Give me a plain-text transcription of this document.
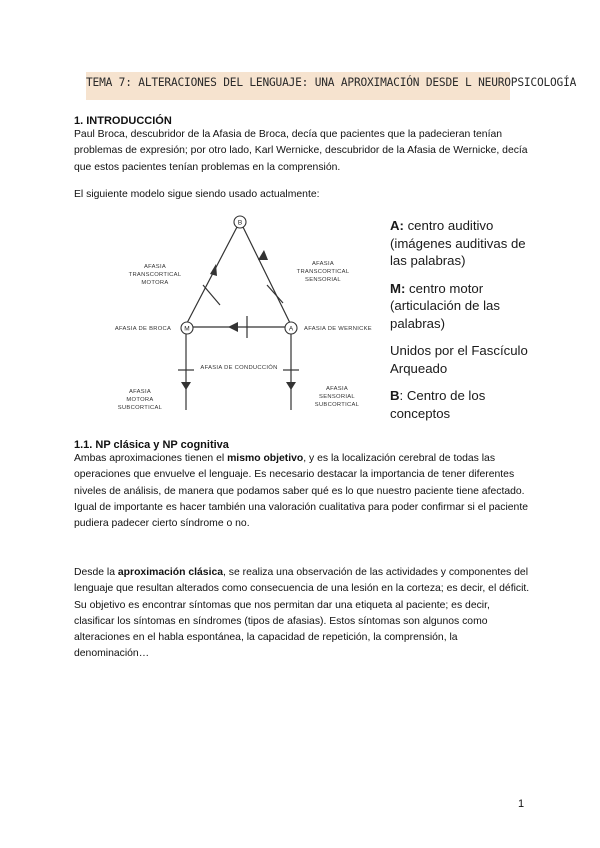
TEMA 7: ALTERACIONES DEL LENGUAJE: UNA APROXIMACIÓN DESDE L NEUROPSICOLOGÍA
1. INTRODUCCIÓN

Paul Broca, descubridor de la Afasia de Broca, decía que pacientes que la padecieran tenían problemas de expresión; por otro lado, Karl Wernicke, descubridor de la Afasia de Wernicke, decía que estos pacientes tenían problemas en la comprensión.

El siguiente modelo sigue siendo usado actualmente:

B
M	A
AFASIA
TRANSCORTICAL
MOTORA
AFASIA
TRANSCORTICAL
SENSORIAL
AFASIA DE BROCA	AFASIA DE WERNICKE
AFASIA DE CONDUCCIÓN
AFASIA
MOTORA
SUBCORTICAL
AFASIA
SENSORIAL
SUBCORTICAL
A: centro auditivo (imágenes auditivas de las palabras)
M: centro motor (articulación de las palabras)
Unidos por el Fascículo Arqueado
B: Centro de los conceptos
1.1. NP clásica y NP cognitiva

Ambas aproximaciones tienen el mismo objetivo, y es la localización cerebral de todas las operaciones que envuelve el lenguaje. Es necesario destacar la importancia de tener diferentes niveles de análisis, de manera que podamos saber qué es lo que nuestro paciente tiene afectado. Igual de importante es hacer también una valoración cualitativa para poder confirmar si el paciente pudiera padecer cierto síndrome o no.

Desde la aproximación clásica, se realiza una observación de las actividades y componentes del lenguaje que resultan alterados como consecuencia de una lesión en la corteza; es decir, el déficit. Su objetivo es encontrar síntomas que nos permitan dar una etiqueta al paciente; es decir, clasificar los síntomas en síndromes (tipos de afasias). Estos síntomas son algunos como alteraciones en el habla espontánea, la capacidad de repetición, la comprensión, la denominación…

1
